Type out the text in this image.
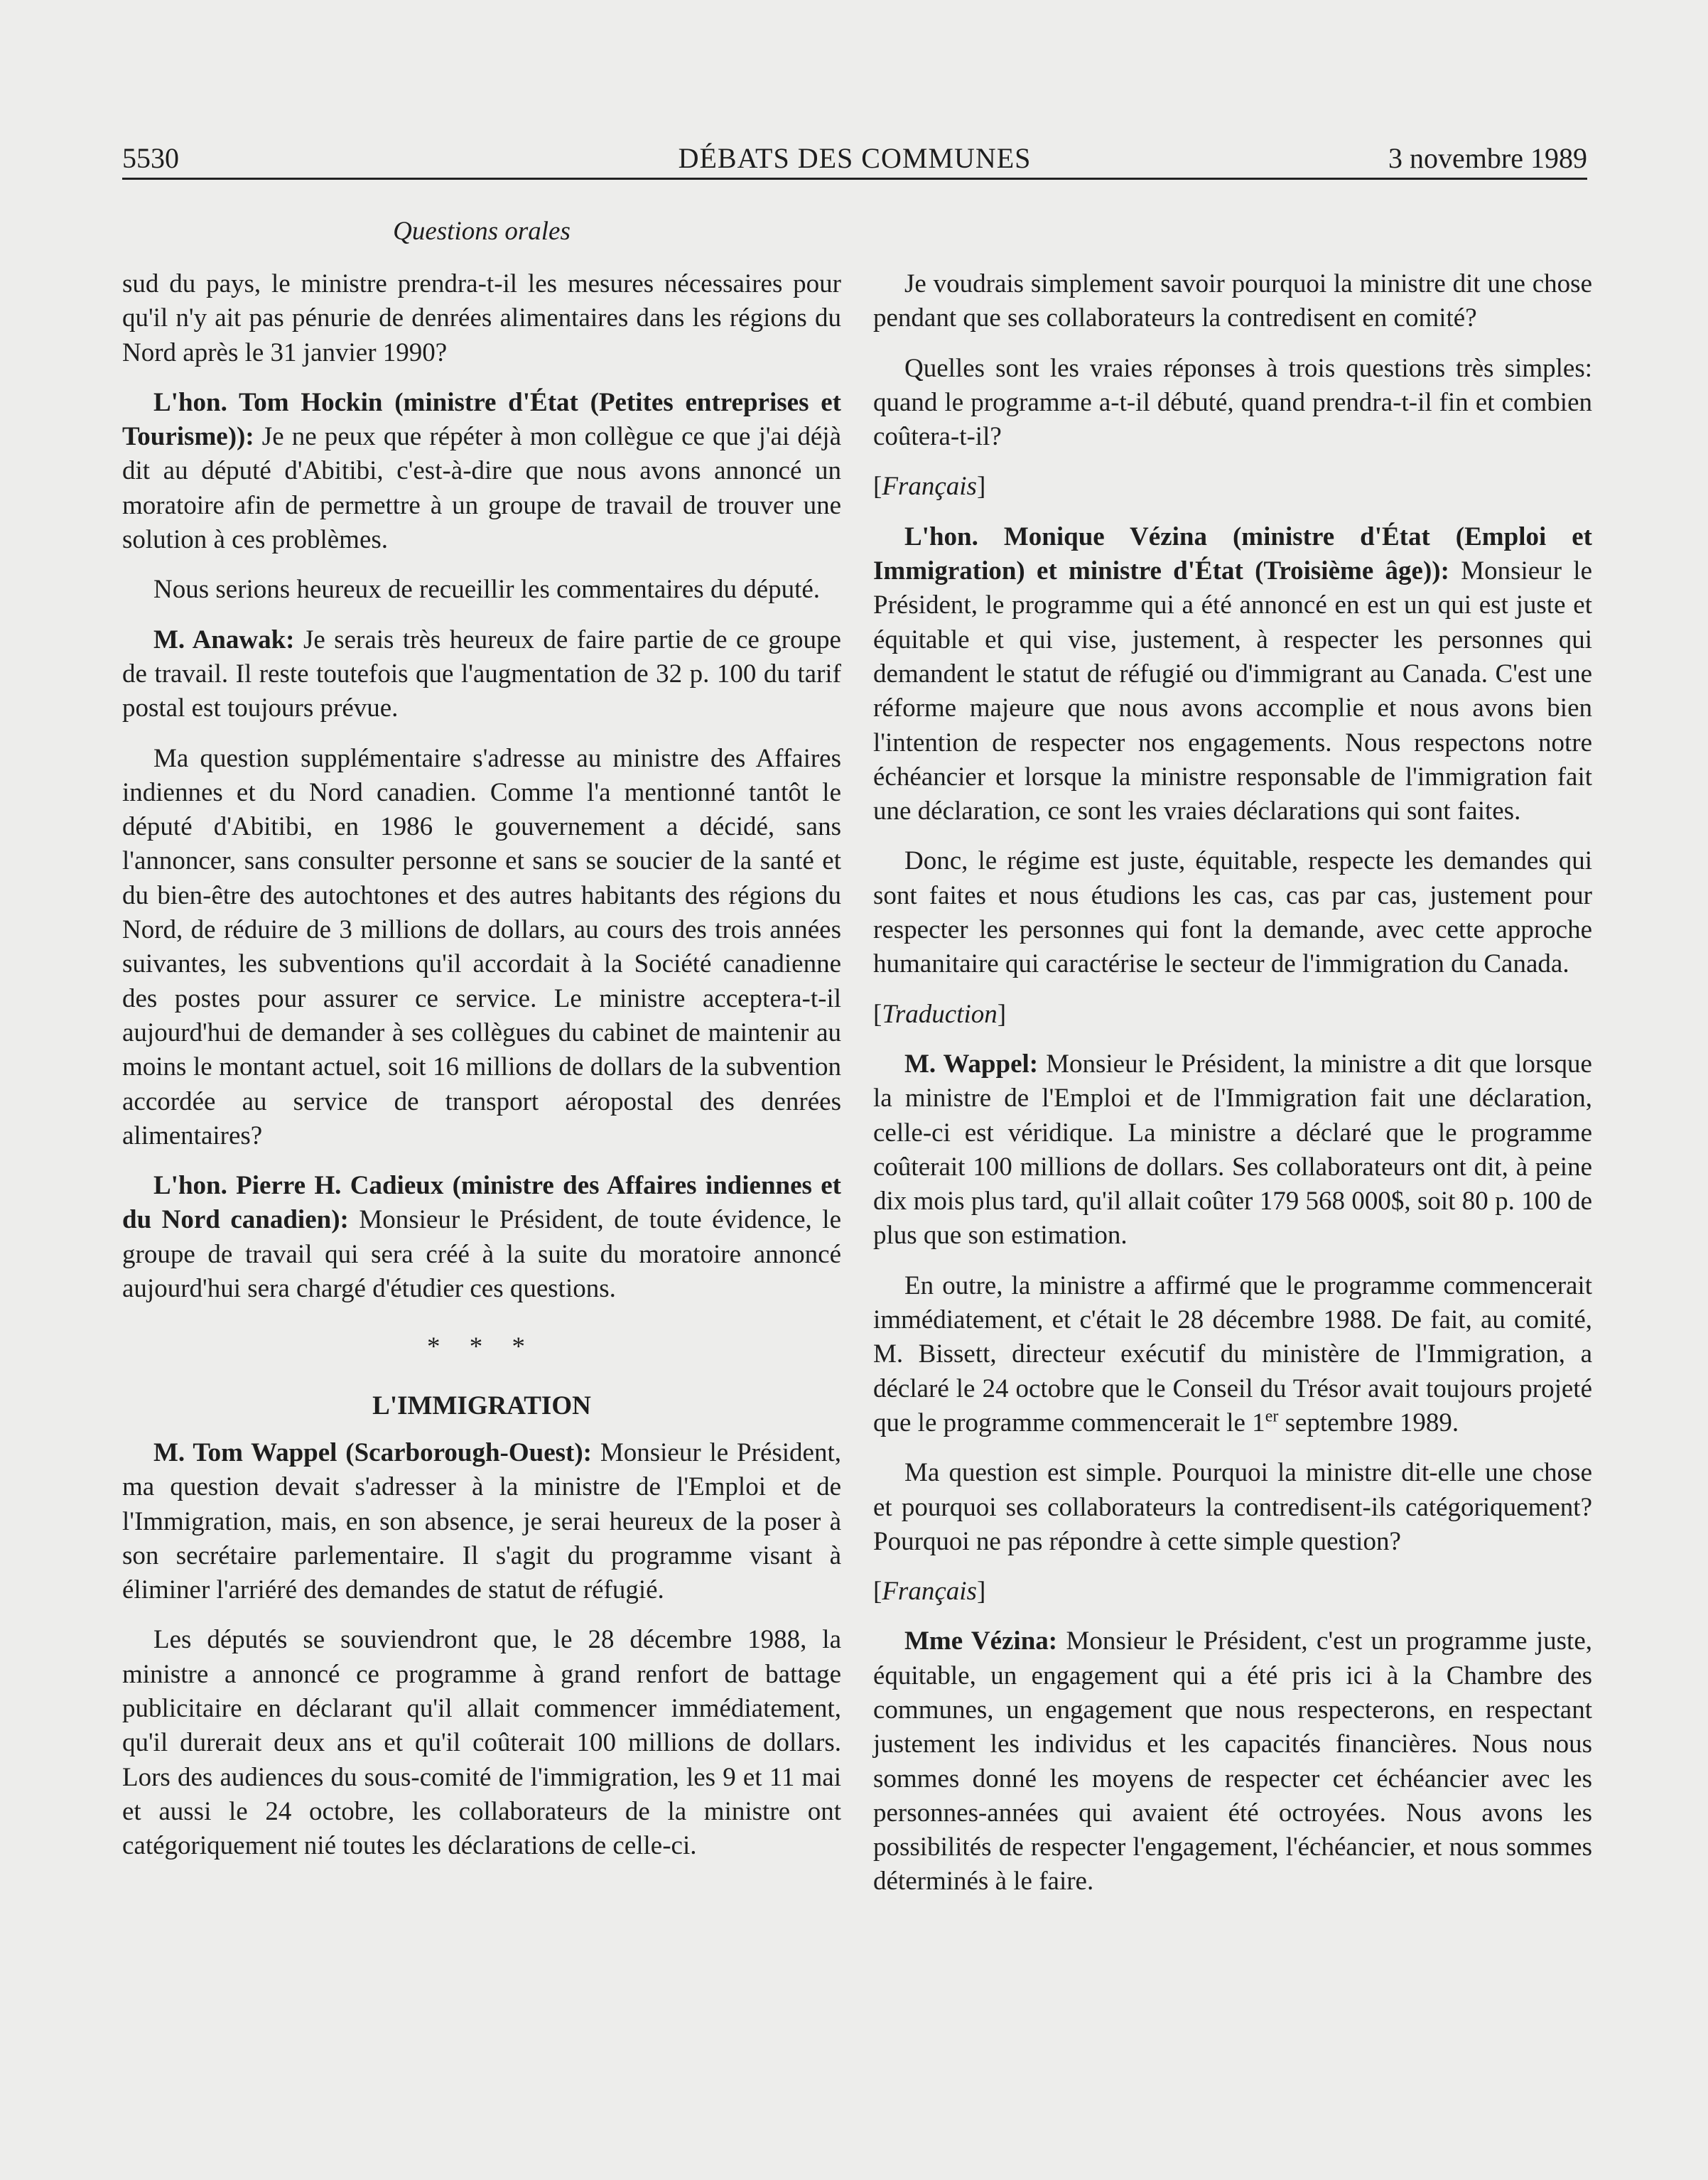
5530	DÉBATS DES COMMUNES	3 novembre 1989
Questions orales

sud du pays, le ministre prendra-t-il les mesures nécessaires pour qu'il n'y ait pas pénurie de denrées alimentaires dans les régions du Nord après le 31 janvier 1990?

L'hon. Tom Hockin (ministre d'État (Petites entreprises et Tourisme)): Je ne peux que répéter à mon collègue ce que j'ai déjà dit au député d'Abitibi, c'est-à-dire que nous avons annoncé un moratoire afin de permettre à un groupe de travail de trouver une solution à ces problèmes.

Nous serions heureux de recueillir les commentaires du député.

M. Anawak: Je serais très heureux de faire partie de ce groupe de travail. Il reste toutefois que l'augmentation de 32 p. 100 du tarif postal est toujours prévue.

Ma question supplémentaire s'adresse au ministre des Affaires indiennes et du Nord canadien. Comme l'a mentionné tantôt le député d'Abitibi, en 1986 le gouvernement a décidé, sans l'annoncer, sans consulter personne et sans se soucier de la santé et du bien-être des autochtones et des autres habitants des régions du Nord, de réduire de 3 millions de dollars, au cours des trois années suivantes, les subventions qu'il accordait à la Société canadienne des postes pour assurer ce service. Le ministre acceptera-t-il aujourd'hui de demander à ses collègues du cabinet de maintenir au moins le montant actuel, soit 16 millions de dollars de la subvention accordée au service de transport aéropostal des denrées alimentaires?

L'hon. Pierre H. Cadieux (ministre des Affaires indiennes et du Nord canadien): Monsieur le Président, de toute évidence, le groupe de travail qui sera créé à la suite du moratoire annoncé aujourd'hui sera chargé d'étudier ces questions.

* * *
L'IMMIGRATION

M. Tom Wappel (Scarborough-Ouest): Monsieur le Président, ma question devait s'adresser à la ministre de l'Emploi et de l'Immigration, mais, en son absence, je serai heureux de la poser à son secrétaire parlementaire. Il s'agit du programme visant à éliminer l'arriéré des demandes de statut de réfugié.

Les députés se souviendront que, le 28 décembre 1988, la ministre a annoncé ce programme à grand renfort de battage publicitaire en déclarant qu'il allait commencer immédiatement, qu'il durerait deux ans et qu'il coûterait 100 millions de dollars. Lors des audiences du sous-comité de l'immigration, les 9 et 11 mai et aussi le 24 octobre, les collaborateurs de la ministre ont catégoriquement nié toutes les déclarations de celle-ci.

Je voudrais simplement savoir pourquoi la ministre dit une chose pendant que ses collaborateurs la contredisent en comité?

Quelles sont les vraies réponses à trois questions très simples: quand le programme a-t-il débuté, quand prendra-t-il fin et combien coûtera-t-il?

[Français]

L'hon. Monique Vézina (ministre d'État (Emploi et Immigration) et ministre d'État (Troisième âge)): Monsieur le Président, le programme qui a été annoncé en est un qui est juste et équitable et qui vise, justement, à respecter les personnes qui demandent le statut de réfugié ou d'immigrant au Canada. C'est une réforme majeure que nous avons accomplie et nous avons bien l'intention de respecter nos engagements. Nous respectons notre échéancier et lorsque la ministre responsable de l'immigration fait une déclaration, ce sont les vraies déclarations qui sont faites.

Donc, le régime est juste, équitable, respecte les demandes qui sont faites et nous étudions les cas, cas par cas, justement pour respecter les personnes qui font la demande, avec cette approche humanitaire qui caractérise le secteur de l'immigration du Canada.

[Traduction]

M. Wappel: Monsieur le Président, la ministre a dit que lorsque la ministre de l'Emploi et de l'Immigration fait une déclaration, celle-ci est véridique. La ministre a déclaré que le programme coûterait 100 millions de dollars. Ses collaborateurs ont dit, à peine dix mois plus tard, qu'il allait coûter 179 568 000$, soit 80 p. 100 de plus que son estimation.

En outre, la ministre a affirmé que le programme commencerait immédiatement, et c'était le 28 décembre 1988. De fait, au comité, M. Bissett, directeur exécutif du ministère de l'Immigration, a déclaré le 24 octobre que le Conseil du Trésor avait toujours projeté que le programme commencerait le 1er septembre 1989.

Ma question est simple. Pourquoi la ministre dit-elle une chose et pourquoi ses collaborateurs la contredisent-ils catégoriquement? Pourquoi ne pas répondre à cette simple question?

[Français]

Mme Vézina: Monsieur le Président, c'est un programme juste, équitable, un engagement qui a été pris ici à la Chambre des communes, un engagement que nous respecterons, en respectant justement les individus et les capacités financières. Nous nous sommes donné les moyens de respecter cet échéancier avec les personnes-années qui avaient été octroyées. Nous avons les possibilités de respecter l'engagement, l'échéancier, et nous sommes déterminés à le faire.
